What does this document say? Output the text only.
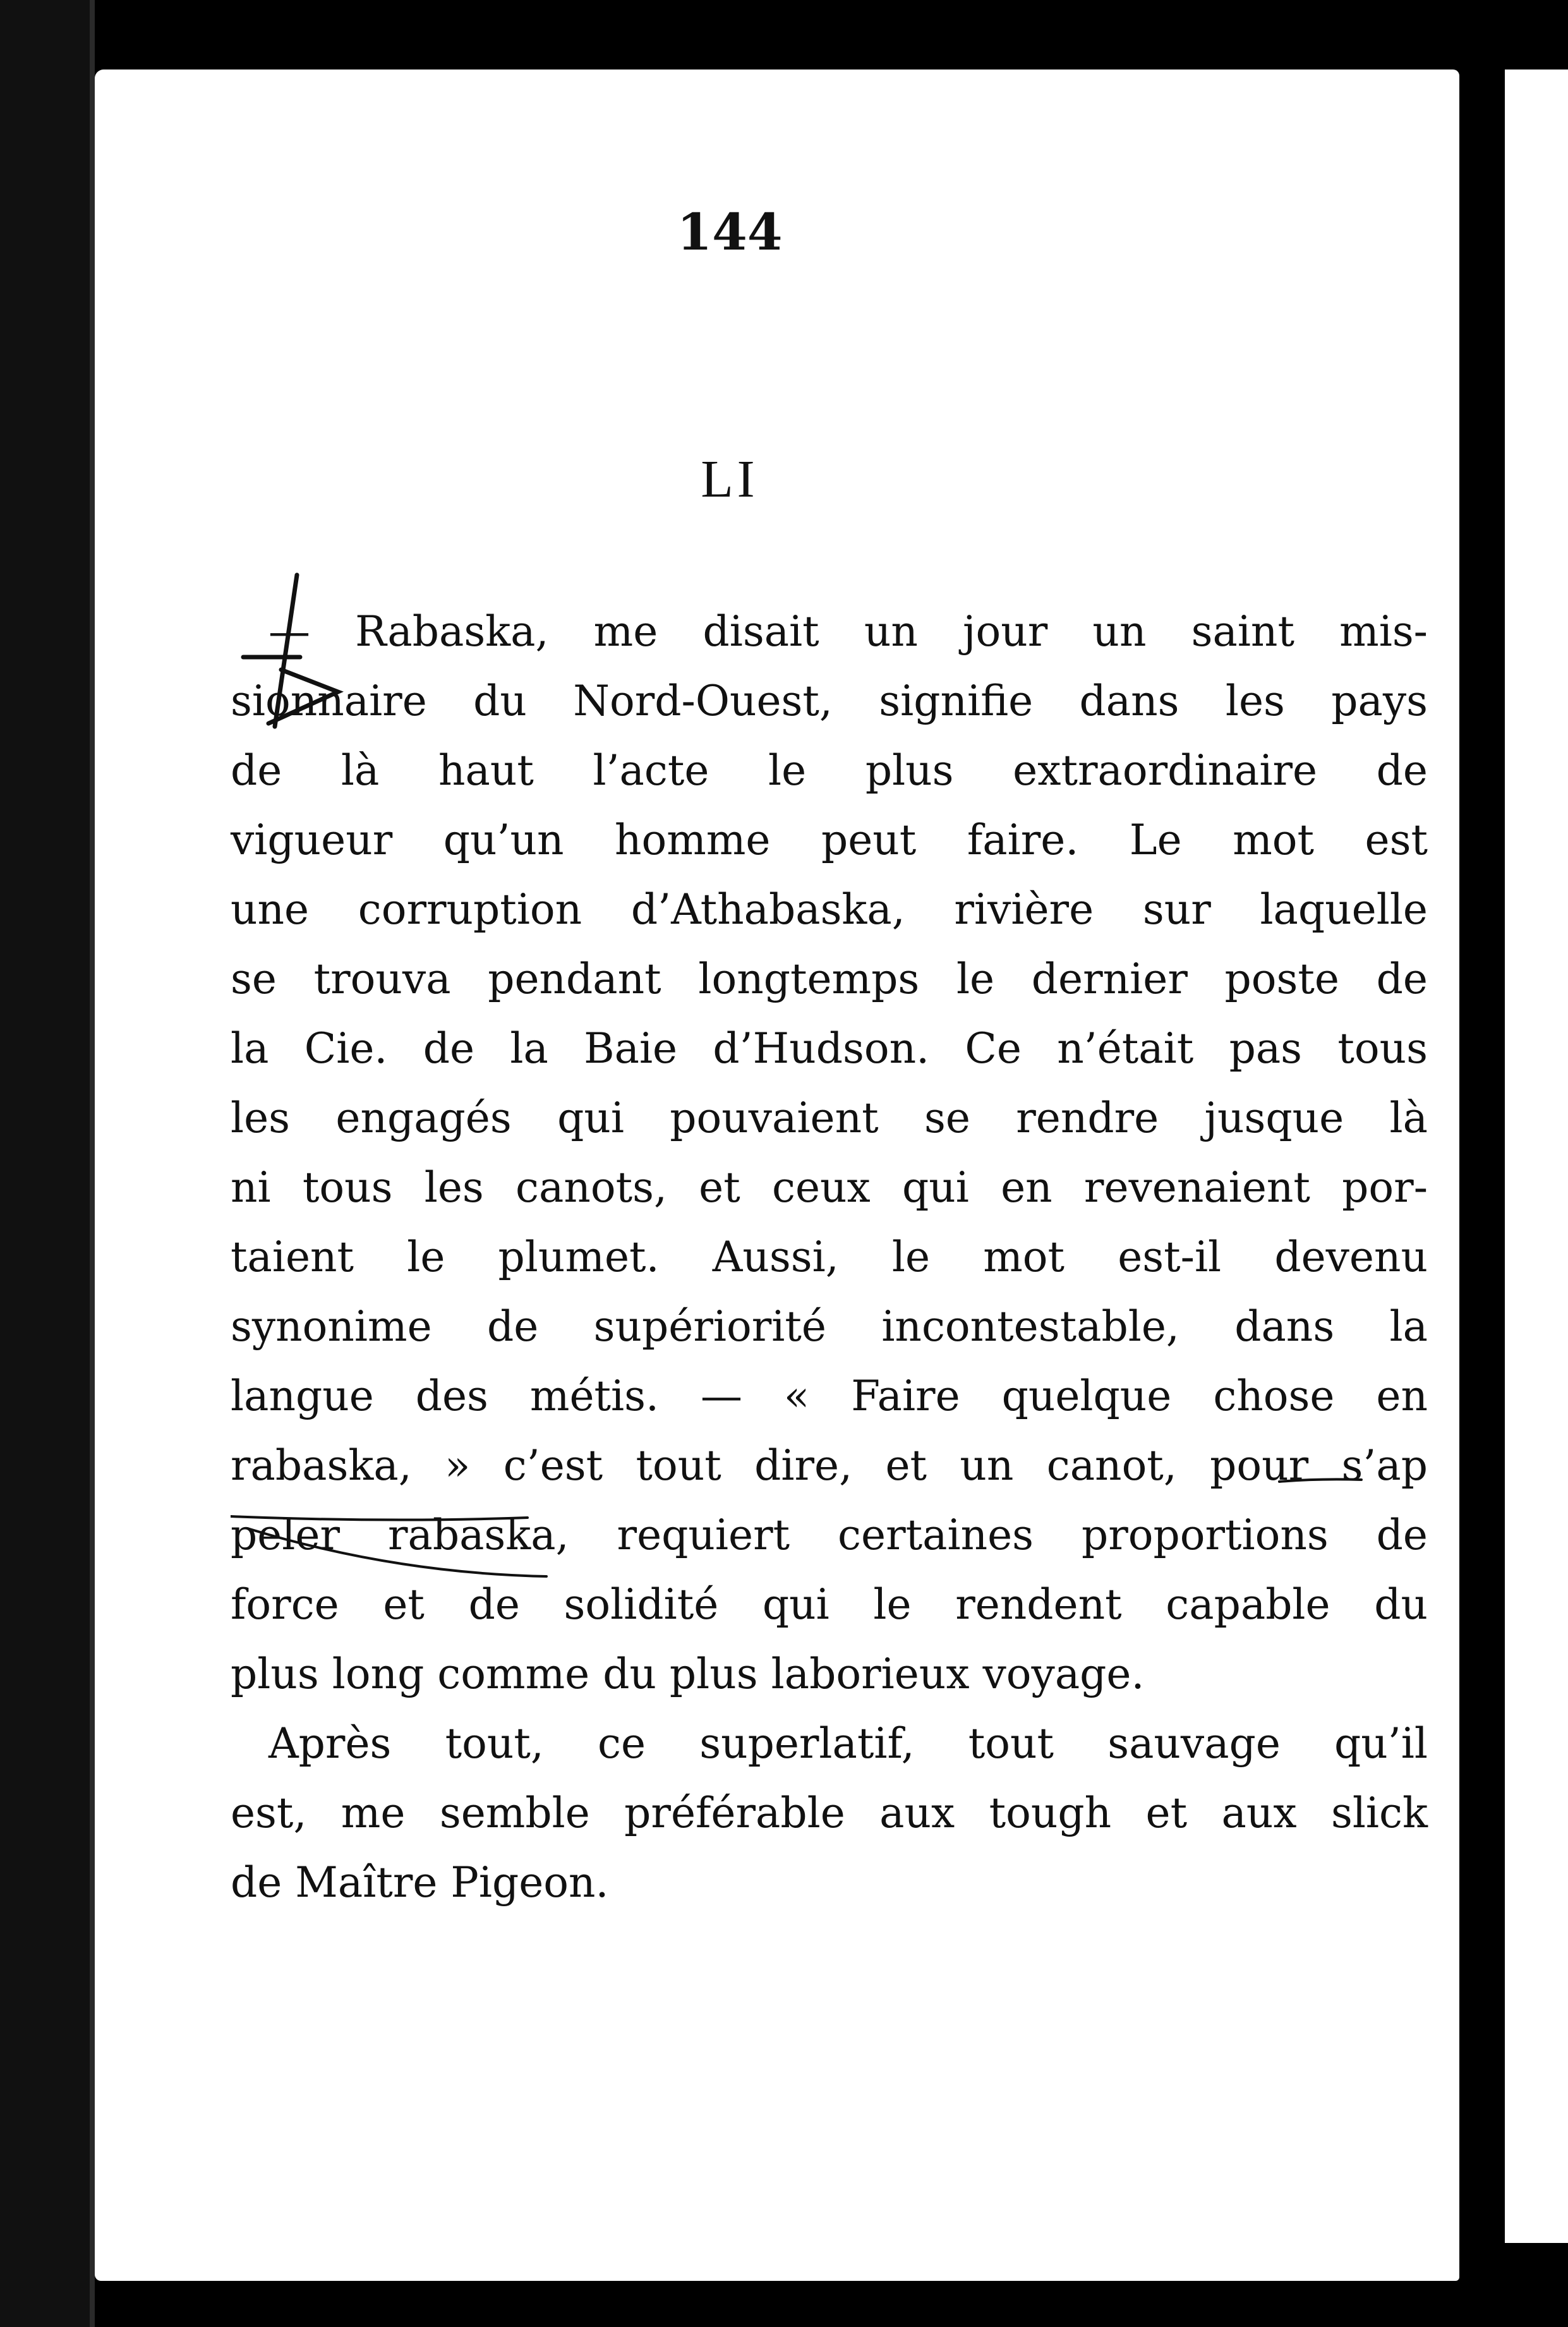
144
LI
— Rabaska, me disait un jour un saint mis-
sionnaire du Nord-Ouest, signifie dans les pays
de là haut l’acte le plus extraordinaire de
vigueur qu’un homme peut faire. Le mot est
une corruption d’Athabaska, rivière sur laquelle
se trouva pendant longtemps le dernier poste de
la Cie. de la Baie d’Hudson. Ce n’était pas tous
les engagés qui pouvaient se rendre jusque là
ni tous les canots, et ceux qui en revenaient por-
taient le plumet. Aussi, le mot est-il devenu
synonime de supériorité incontestable, dans la
langue des métis. — « Faire quelque chose en
rabaska, » c’est tout dire, et un canot, pour s’ap
peler rabaska, requiert certaines proportions de
force et de solidité qui le rendent capable du
plus long comme du plus laborieux voyage.
Après tout, ce superlatif, tout sauvage qu’il
est, me semble préférable aux tough et aux slick
de Maître Pigeon.
